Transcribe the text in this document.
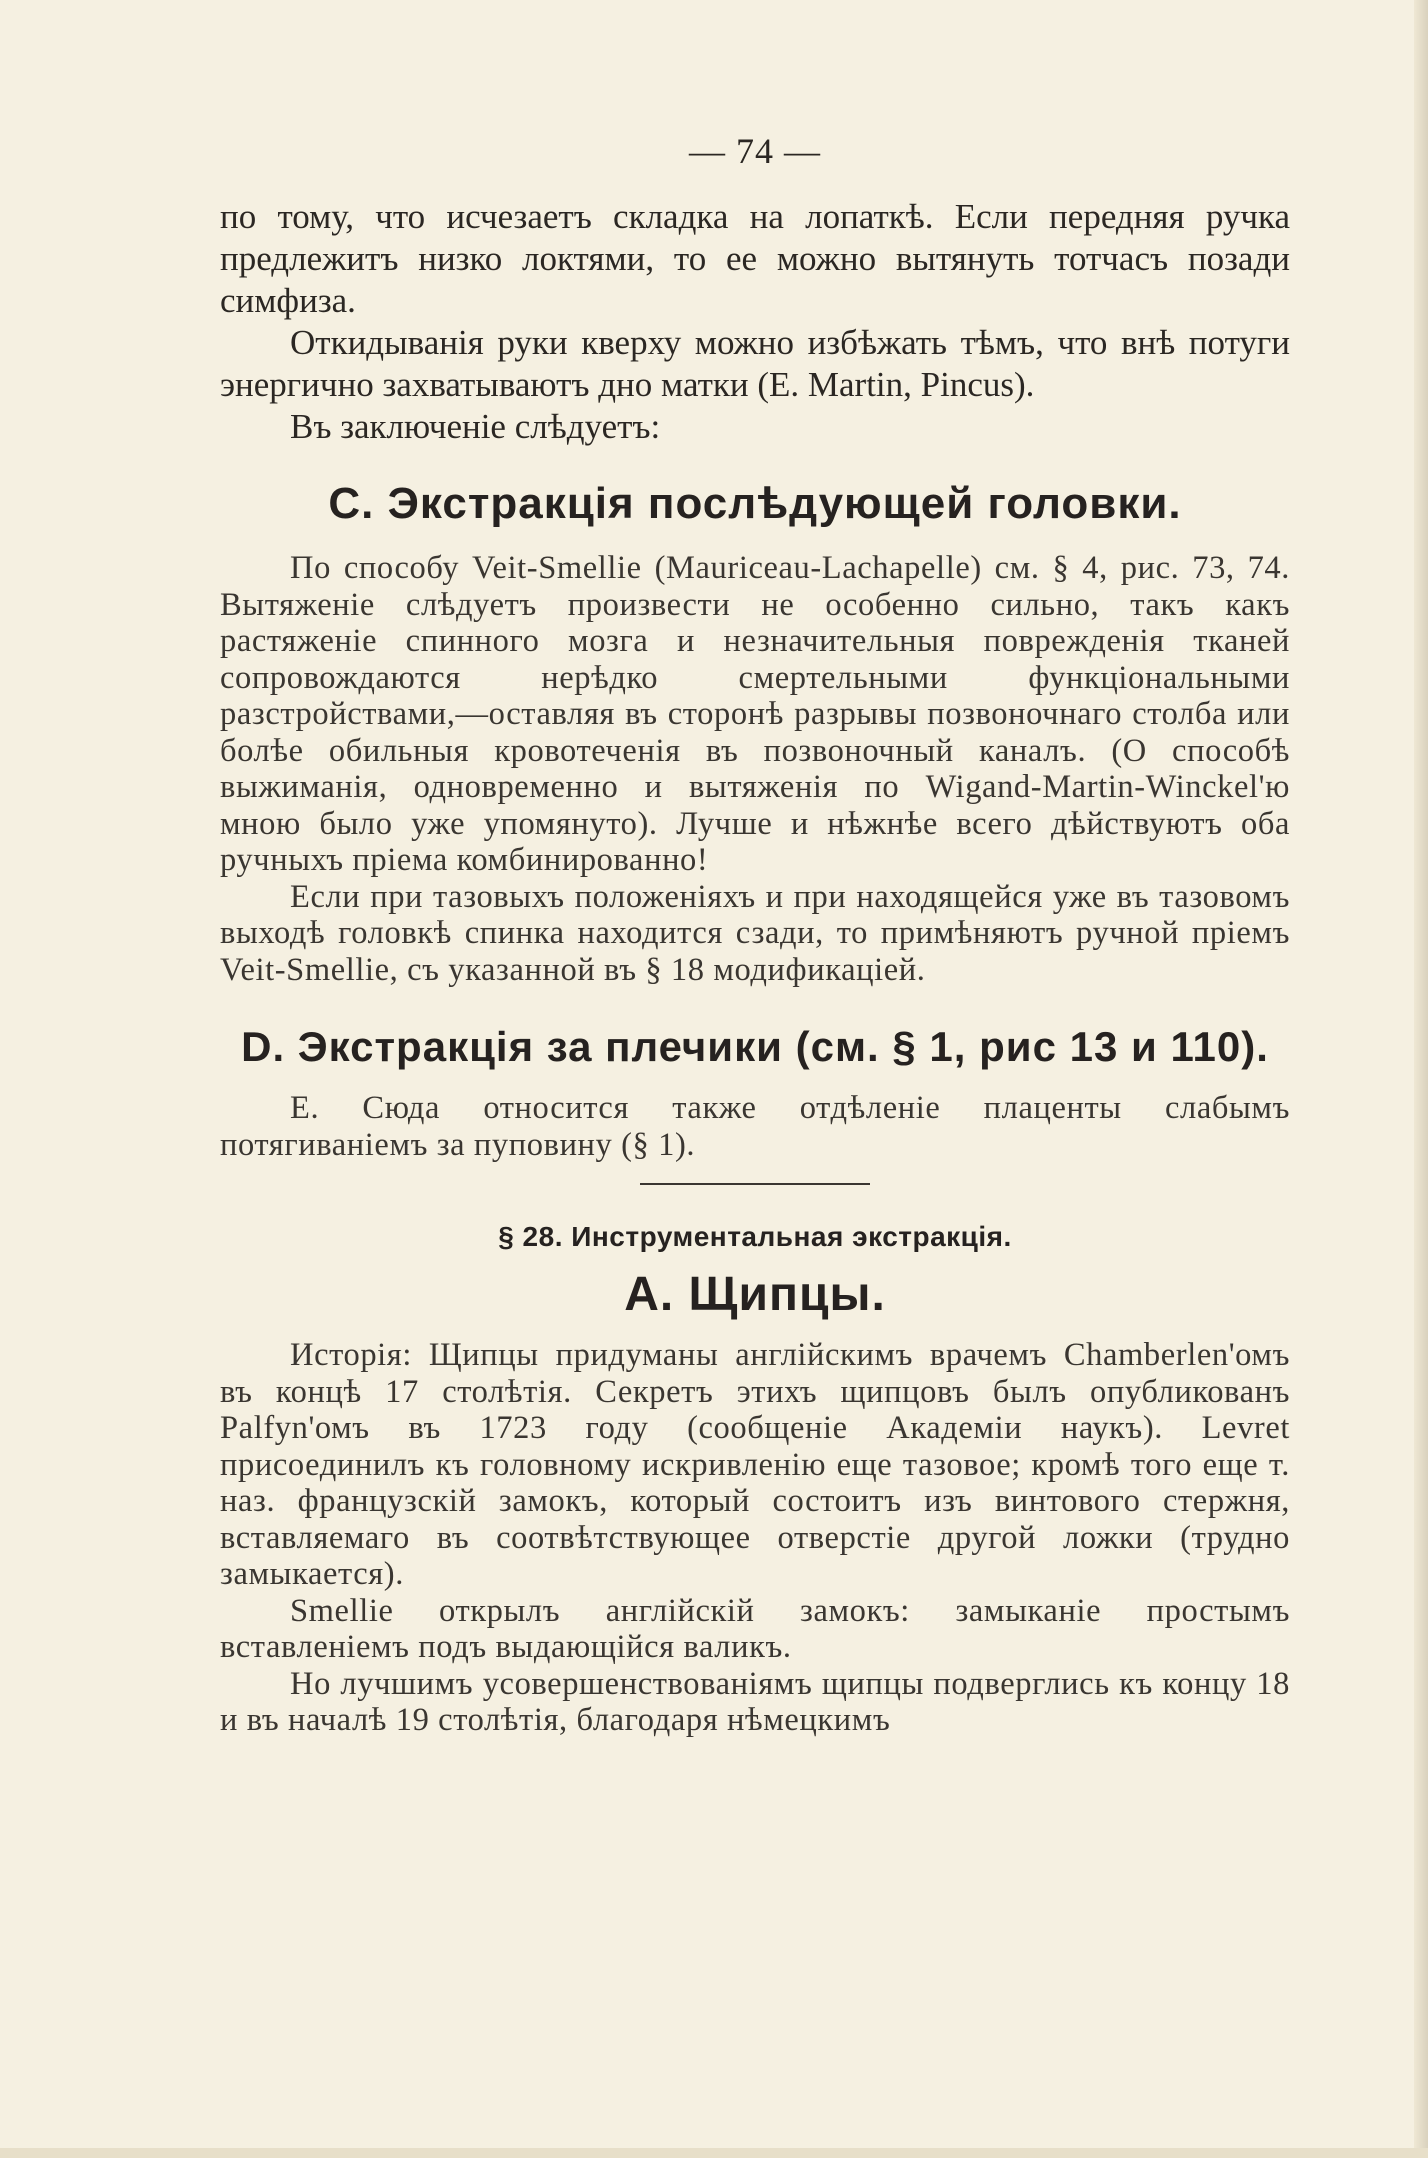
— 74 —

по тому, что исчезаетъ складка на лопаткѣ. Если передняя ручка предлежитъ низко локтями, то ее можно вытянуть тотчасъ позади симфиза.

Откидыванія руки кверху можно избѣжать тѣмъ, что внѣ потуги энергично захватываютъ дно матки (E. Martin, Pincus).

Въ заключеніе слѣдуетъ:

C. Экстракція послѣдующей головки.

По способу Veit-Smellie (Mauriceau-Lachapelle) см. § 4, рис. 73, 74. Вытяженіе слѣдуетъ произвести не особенно сильно, такъ какъ растяженіе спинного мозга и незначительныя поврежденія тканей сопровождаются нерѣдко смертельными функціональными разстройствами,—оставляя въ сторонѣ разрывы позвоночнаго столба или болѣе обильныя кровотеченія въ позвоночный каналъ. (О способѣ выжиманія, одновременно и вытяженія по Wigand-Martin-Winckel'ю мною было уже упомянуто). Лучше и нѣжнѣе всего дѣйствуютъ оба ручныхъ пріема комбинированно!

Если при тазовыхъ положеніяхъ и при находящейся уже въ тазовомъ выходѣ головкѣ спинка находится сзади, то примѣняютъ ручной пріемъ Veit-Smellie, съ указанной въ § 18 модификаціей.

D. Экстракція за плечики (см. § 1, рис 13 и 110).

E. Сюда относится также отдѣленіе плаценты слабымъ потягиваніемъ за пуповину (§ 1).

§ 28. Инструментальная экстракція.
A. Щипцы.

Исторія: Щипцы придуманы англійскимъ врачемъ Chamberlen'омъ въ концѣ 17 столѣтія. Секретъ этихъ щипцовъ былъ опубликованъ Palfyn'омъ въ 1723 году (сообщеніе Академіи наукъ). Levret присоединилъ къ головному искривленію еще тазовое; кромѣ того еще т. наз. французскій замокъ, который состоитъ изъ винтового стержня, вставляемаго въ соотвѣтствующее отверстіе другой ложки (трудно замыкается).

Smellie открылъ англійскій замокъ: замыканіе простымъ вставленіемъ подъ выдающійся валикъ.

Но лучшимъ усовершенствованіямъ щипцы подверглись къ концу 18 и въ началѣ 19 столѣтія, благодаря нѣмецкимъ
